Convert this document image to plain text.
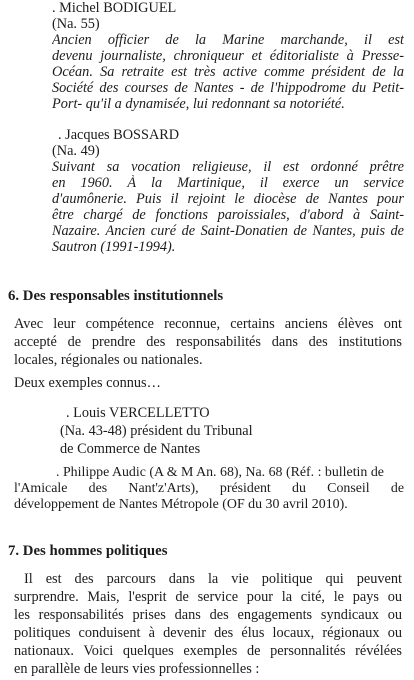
. Michel BODIGUEL
(Na. 55)
Ancien officier de la Marine marchande, il est
devenu journaliste, chroniqueur et éditorialiste à Presse-
Océan. Sa retraite est très active comme président de la
Société des courses de Nantes - de l'hippodrome du Petit-
Port- qu'il a dynamisée, lui redonnant sa notoriété.
. Jacques BOSSARD
(Na. 49)
Suivant sa vocation religieuse, il est ordonné prêtre
en 1960. À la Martinique, il exerce un service
d'aumônerie. Puis il rejoint le diocèse de Nantes pour
être chargé de fonctions paroissiales, d'abord à Saint-
Nazaire. Ancien curé de Saint-Donatien de Nantes, puis de
Sautron (1991-1994).
6. Des responsables institutionnels
Avec leur compétence reconnue, certains anciens élèves ont
accepté de prendre des responsabilités dans des institutions
locales, régionales ou nationales.
Deux exemples connus…
. Louis VERCELLETTO
(Na. 43-48) président du Tribunal
de Commerce de Nantes
. Philippe Audic (A & M An. 68), Na. 68 (Réf. : bulletin de
l'Amicale des Nant'z'Arts), président du Conseil de
développement de Nantes Métropole (OF du 30 avril 2010).
7. Des hommes politiques
Il est des parcours dans la vie politique qui peuvent
surprendre. Mais, l'esprit de service pour la cité, le pays ou
les responsabilités prises dans des engagements syndicaux ou
politiques conduisent à devenir des élus locaux, régionaux ou
nationaux. Voici quelques exemples de personnalités révélées
en parallèle de leurs vies professionnelles :
